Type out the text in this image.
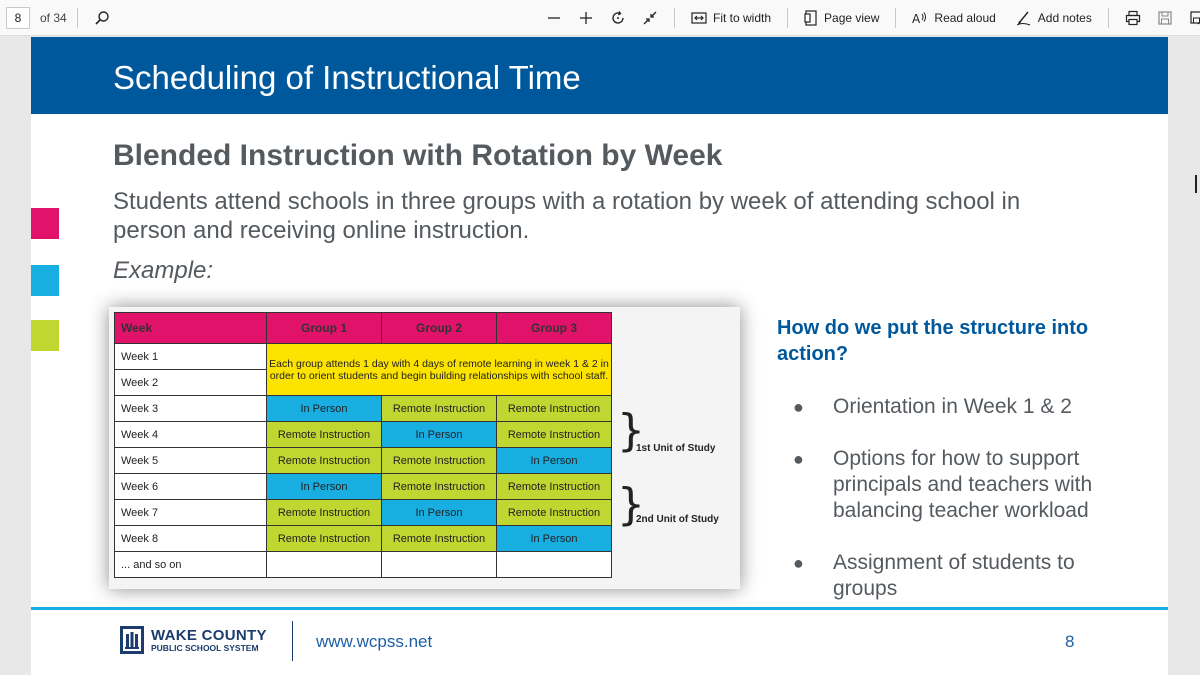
8	of 34	Fit to width	Page view	A Read aloud	Add notes
Scheduling of Instructional Time
Blended Instruction with Rotation by Week
Students attend schools in three groups with a rotation by week of attending school in person and receiving online instruction.
Example:
Week	Group 1	Group 2	Group 3
Week 1	Each group attends 1 day with 4 days of remote learning in week 1 & 2 in order to orient students and begin building relationships with school staff.		
Week 2			
Week 3	In Person	Remote Instruction	Remote Instruction
Week 4	Remote Instruction	In Person	Remote Instruction
Week 5	Remote Instruction	Remote Instruction	In Person
Week 6	In Person	Remote Instruction	Remote Instruction
Week 7	Remote Instruction	In Person	Remote Instruction
Week 8	Remote Instruction	Remote Instruction	In Person
... and so on			
}
1st Unit of Study
}
2nd Unit of Study
How do we put the structure into action?
● Orientation in Week 1 & 2
● Options for how to support principals and teachers with balancing teacher workload
● Assignment of students to groups
WAKE COUNTY
PUBLIC SCHOOL SYSTEM	www.wcpss.net	8
